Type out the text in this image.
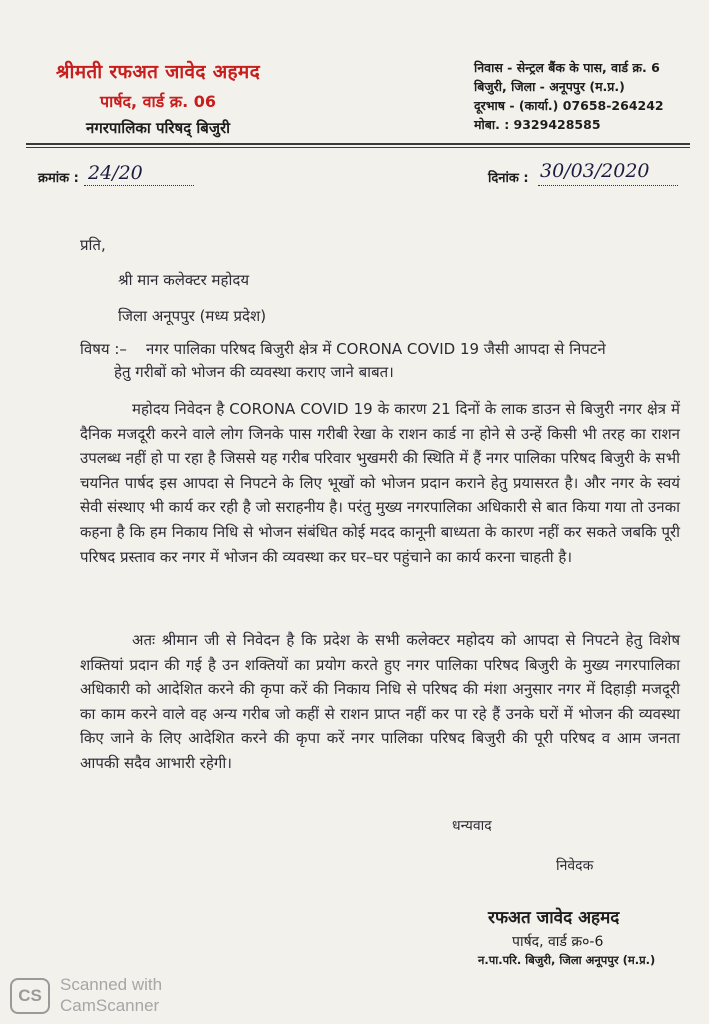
श्रीमती रफअत जावेद अहमद
पार्षद, वार्ड क्र. 06
नगरपालिका परिषद् बिजुरी
निवास - सेन्ट्रल बैंक के पास, वार्ड क्र. 6
बिजुरी, जिला - अनूपपुर (म.प्र.)
दूरभाष - (कार्या.) 07658-264242
मोबा. : 9329428585
क्रमांक : 24/20	दिनांक : 30/03/2020
प्रति,
श्री मान कलेक्टर महोदय
जिला अनूपपुर (मध्य प्रदेश)
विषय :– नगर पालिका परिषद बिजुरी क्षेत्र में CORONA COVID 19 जैसी आपदा से निपटने
हेतु गरीबों को भोजन की व्यवस्था कराए जाने बाबत।
महोदय निवेदन है CORONA COVID 19 के कारण 21 दिनों के लाक डाउन से बिजुरी नगर क्षेत्र में दैनिक मजदूरी करने वाले लोग जिनके पास गरीबी रेखा के राशन कार्ड ना होने से उन्हें किसी भी तरह का राशन उपलब्ध नहीं हो पा रहा है जिससे यह गरीब परिवार भुखमरी की स्थिति में हैं नगर पालिका परिषद बिजुरी के सभी चयनित पार्षद इस आपदा से निपटने के लिए भूखों को भोजन प्रदान कराने हेतु प्रयासरत है। और नगर के स्वयं सेवी संस्थाए भी कार्य कर रही है जो सराहनीय है। परंतु मुख्य नगरपालिका अधिकारी से बात किया गया तो उनका कहना है कि हम निकाय निधि से भोजन संबंधित कोई मदद कानूनी बाध्यता के कारण नहीं कर सकते जबकि पूरी परिषद प्रस्ताव कर नगर में भोजन की व्यवस्था कर घर–घर पहुंचाने का कार्य करना चाहती है।
अतः श्रीमान जी से निवेदन है कि प्रदेश के सभी कलेक्टर महोदय को आपदा से निपटने हेतु विशेष शक्तियां प्रदान की गई है उन शक्तियों का प्रयोग करते हुए नगर पालिका परिषद बिजुरी के मुख्य नगरपालिका अधिकारी को आदेशित करने की कृपा करें की निकाय निधि से परिषद की मंशा अनुसार नगर में दिहाड़ी मजदूरी का काम करने वाले वह अन्य गरीब जो कहीं से राशन प्राप्त नहीं कर पा रहे हैं उनके घरों में भोजन की व्यवस्था किए जाने के लिए आदेशित करने की कृपा करें नगर पालिका परिषद बिजुरी की पूरी परिषद व आम जनता आपकी सदैव आभारी रहेगी।
धन्यवाद
निवेदक
रफअत जावेद अहमद
पार्षद, वार्ड क्र०-6
न.पा.परि. बिजुरी, जिला अनूपपुर (म.प्र.)
CS
Scanned with
CamScanner
